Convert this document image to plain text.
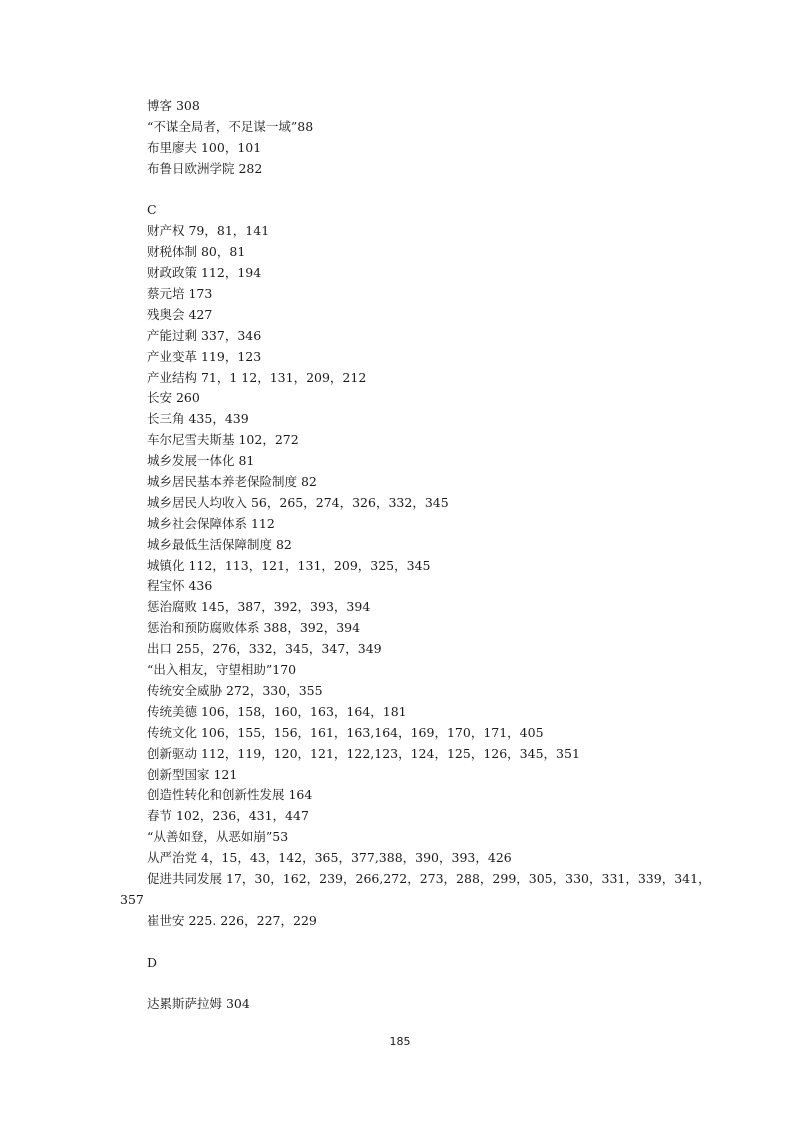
博客 308
“不谋全局者，不足谋一域”88
布里廖夫 100，101
布鲁日欧洲学院 282
C
财产权 79，81，141
财税体制 80，81
财政政策 112，194
蔡元培 173
残奥会 427
产能过剩 337，346
产业变革 119，123
产业结构 71，1 12，131，209，212
长安 260
长三角 435，439
车尔尼雪夫斯基 102，272
城乡发展一体化 81
城乡居民基本养老保险制度 82
城乡居民人均收入 56，265，274，326，332，345
城乡社会保障体系 112
城乡最低生活保障制度 82
城镇化 112，113，121，131，209，325，345
程宝怀 436
惩治腐败 145，387，392，393，394
惩治和预防腐败体系 388，392，394
出口 255，276，332，345，347，349
“出入相友，守望相助”170
传统安全威胁 272，330，355
传统美德 106，158，160，163，164，181
传统文化 106，155，156，161，163,164，169，170，171，405
创新驱动 112，119，120，121，122,123，124，125，126，345，351
创新型国家 121
创造性转化和创新性发展 164
春节 102，236，431，447
“从善如登，从恶如崩”53
从严治党 4，15，43，142，365，377,388，390，393，426
促进共同发展 17，30，162，239，266,272，273，288，299，305，330，331，339，341，
357
崔世安 225. 226，227，229
D
达累斯萨拉姆 304
185
